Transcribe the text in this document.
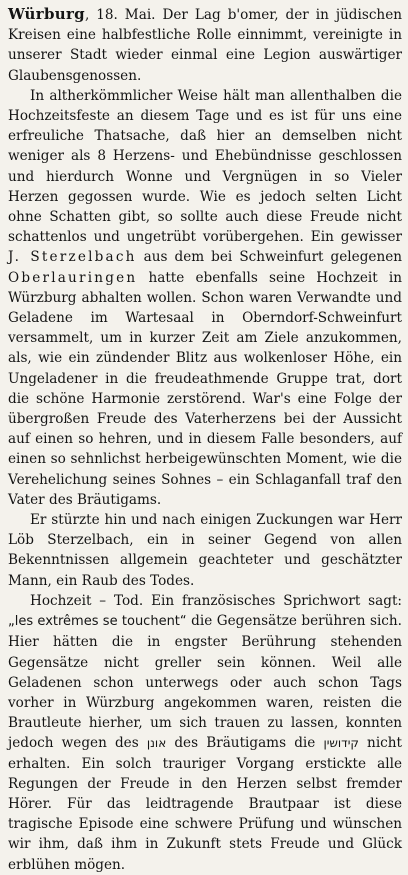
Würburg, 18. Mai. Der Lag b'omer, der in jüdischen Kreisen eine halbfestliche Rolle einnimmt, vereinigte in unserer Stadt wieder einmal eine Legion auswärtiger Glaubensgenossen.

In altherkömmlicher Weise hält man allenthalben die Hochzeitsfeste an diesem Tage und es ist für uns eine erfreuliche Thatsache, daß hier an demselben nicht weniger als 8 Herzens- und Ehebündnisse geschlossen und hierdurch Wonne und Vergnügen in so Vieler Herzen gegossen wurde. Wie es jedoch selten Licht ohne Schatten gibt, so sollte auch diese Freude nicht schattenlos und ungetrübt vorübergehen. Ein gewisser J. Sterzelbach aus dem bei Schweinfurt gelegenen Oberlauringen hatte ebenfalls seine Hochzeit in Würzburg abhalten wollen. Schon waren Verwandte und Geladene im Wartesaal in Oberndorf-Schweinfurt versammelt, um in kurzer Zeit am Ziele anzukommen, als, wie ein zündender Blitz aus wolkenloser Höhe, ein Ungeladener in die freudeathmende Gruppe trat, dort die schöne Harmonie zerstörend. War's eine Folge der übergroßen Freude des Vaterherzens bei der Aussicht auf einen so hehren, und in diesem Falle besonders, auf einen so sehnlichst herbeigewünschten Moment, wie die Verehelichung seines Sohnes – ein Schlaganfall traf den Vater des Bräutigams.

Er stürzte hin und nach einigen Zuckungen war Herr Löb Sterzelbach, ein in seiner Gegend von allen Bekenntnissen allgemein geachteter und geschätzter Mann, ein Raub des Todes.

Hochzeit – Tod. Ein französisches Sprichwort sagt: „les extrêmes se touchent“ die Gegensätze berühren sich. Hier hätten die in engster Berührung stehenden Gegensätze nicht greller sein können. Weil alle Geladenen schon unterwegs oder auch schon Tags vorher in Würzburg angekommen waren, reisten die Brautleute hierher, um sich trauen zu lassen, konnten jedoch wegen des אונן des Bräutigams die קידושין nicht erhalten. Ein solch trauriger Vorgang erstickte alle Regungen der Freude in den Herzen selbst fremder Hörer. Für das leidtragende Brautpaar ist diese tragische Episode eine schwere Prüfung und wünschen wir ihm, daß ihm in Zukunft stets Freude und Glück erblühen mögen.
